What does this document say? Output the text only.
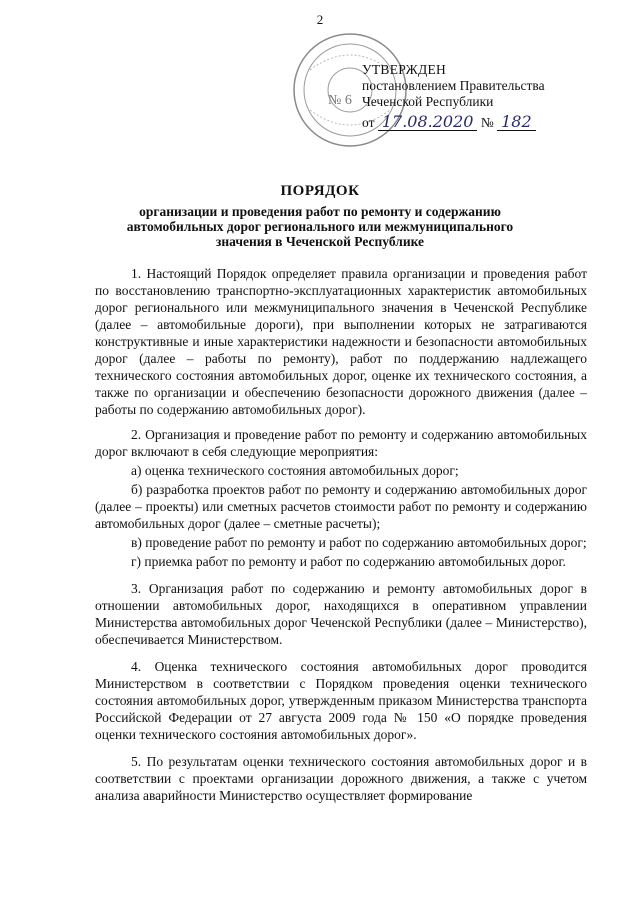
2
№ 6
УТВЕРЖДЕН
постановлением Правительства
Чеченской Республики
от 17.08.2020 № 182
ПОРЯДОК
организации и проведения работ по ремонту и содержанию автомобильных дорог регионального или межмуниципального значения в Чеченской Республике

1. Настоящий Порядок определяет правила организации и проведения работ по восстановлению транспортно-эксплуатационных характеристик автомобильных дорог регионального или межмуниципального значения в Чеченской Республике (далее – автомобильные дороги), при выполнении которых не затрагиваются конструктивные и иные характеристики надежности и безопасности автомобильных дорог (далее – работы по ремонту), работ по поддержанию надлежащего технического состояния автомобильных дорог, оценке их технического состояния, а также по организации и обеспечению безопасности дорожного движения (далее – работы по содержанию автомобильных дорог).

2. Организация и проведение работ по ремонту и содержанию автомобильных дорог включают в себя следующие мероприятия:

а) оценка технического состояния автомобильных дорог;

б) разработка проектов работ по ремонту и содержанию автомобильных дорог (далее – проекты) или сметных расчетов стоимости работ по ремонту и содержанию автомобильных дорог (далее – сметные расчеты);

в) проведение работ по ремонту и работ по содержанию автомобильных дорог;

г) приемка работ по ремонту и работ по содержанию автомобильных дорог.

3. Организация работ по содержанию и ремонту автомобильных дорог в отношении автомобильных дорог, находящихся в оперативном управлении Министерства автомобильных дорог Чеченской Республики (далее – Министерство), обеспечивается Министерством.

4. Оценка технического состояния автомобильных дорог проводится Министерством в соответствии с Порядком проведения оценки технического состояния автомобильных дорог, утвержденным приказом Министерства транспорта Российской Федерации от 27 августа 2009 года № 150 «О порядке проведения оценки технического состояния автомобильных дорог».

5. По результатам оценки технического состояния автомобильных дорог и в соответствии с проектами организации дорожного движения, а также с учетом анализа аварийности Министерство осуществляет формирование
